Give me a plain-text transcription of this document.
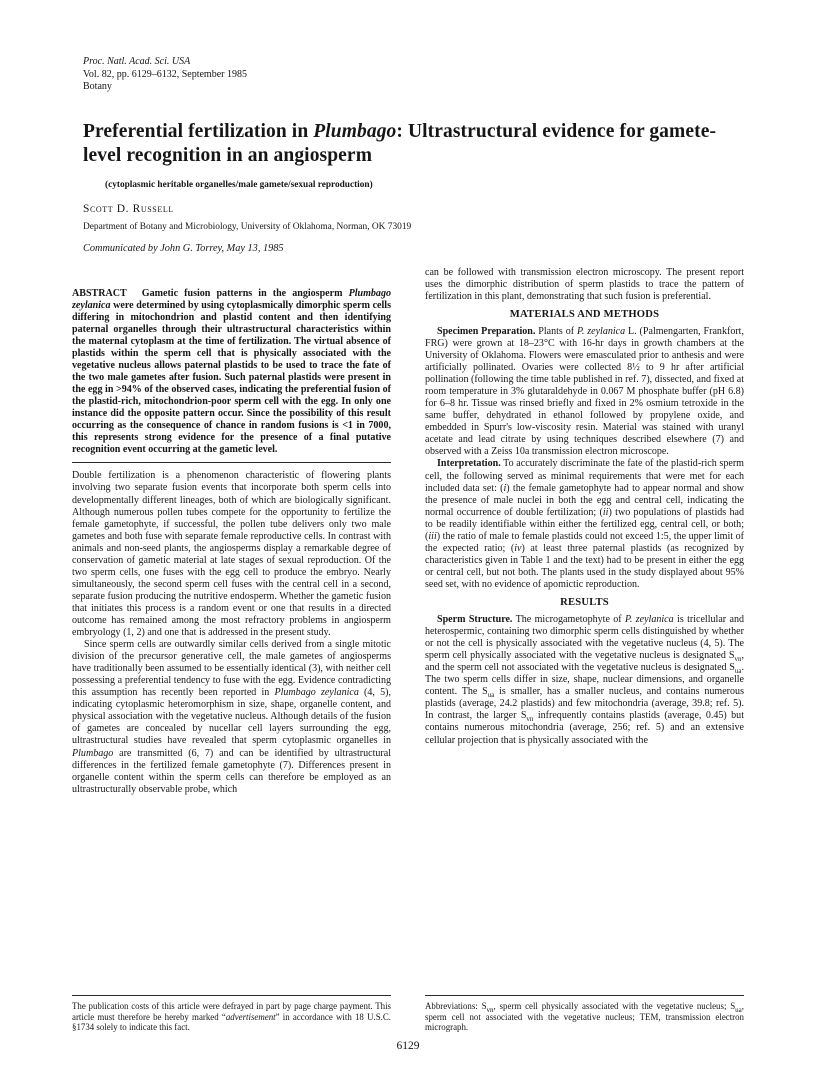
Proc. Natl. Acad. Sci. USA
Vol. 82, pp. 6129–6132, September 1985
Botany
Preferential fertilization in Plumbago: Ultrastructural evidence for gamete-level recognition in an angiosperm
(cytoplasmic heritable organelles/male gamete/sexual reproduction)
Scott D. Russell
Department of Botany and Microbiology, University of Oklahoma, Norman, OK 73019
Communicated by John G. Torrey, May 13, 1985

ABSTRACT  Gametic fusion patterns in the angiosperm Plumbago zeylanica were determined by using cytoplasmically dimorphic sperm cells differing in mitochondrion and plastid content and then identifying paternal organelles through their ultrastructural characteristics within the maternal cytoplasm at the time of fertilization. The virtual absence of plastids within the sperm cell that is physically associated with the vegetative nucleus allows paternal plastids to be used to trace the fate of the two male gametes after fusion. Such paternal plastids were present in the egg in >94% of the observed cases, indicating the preferential fusion of the plastid-rich, mitochondrion-poor sperm cell with the egg. In only one instance did the opposite pattern occur. Since the possibility of this result occurring as the consequence of chance in random fusions is <1 in 7000, this represents strong evidence for the presence of a final putative recognition event occurring at the gametic level.

Double fertilization is a phenomenon characteristic of flowering plants involving two separate fusion events that incorporate both sperm cells into developmentally different lineages, both of which are biologically significant. Although numerous pollen tubes compete for the opportunity to fertilize the female gametophyte, if successful, the pollen tube delivers only two male gametes and both fuse with separate female reproductive cells. In contrast with animals and non-seed plants, the angiosperms display a remarkable degree of conservation of gametic material at late stages of sexual reproduction. Of the two sperm cells, one fuses with the egg cell to produce the embryo. Nearly simultaneously, the second sperm cell fuses with the central cell in a second, separate fusion producing the nutritive endosperm. Whether the gametic fusion that initiates this process is a random event or one that results in a directed outcome has remained among the most refractory problems in angiosperm embryology (1, 2) and one that is addressed in the present study.

Since sperm cells are outwardly similar cells derived from a single mitotic division of the precursor generative cell, the male gametes of angiosperms have traditionally been assumed to be essentially identical (3), with neither cell possessing a preferential tendency to fuse with the egg. Evidence contradicting this assumption has recently been reported in Plumbago zeylanica (4, 5), indicating cytoplasmic heteromorphism in size, shape, organelle content, and physical association with the vegetative nucleus. Although details of the fusion of gametes are concealed by nucellar cell layers surrounding the egg, ultrastructural studies have revealed that sperm cytoplasmic organelles in Plumbago are transmitted (6, 7) and can be identified by ultrastructural differences in the fertilized female gametophyte (7). Differences present in organelle content within the sperm cells can therefore be employed as an ultrastructurally observable probe, which

The publication costs of this article were defrayed in part by page charge payment. This article must therefore be hereby marked “advertisement” in accordance with 18 U.S.C. §1734 solely to indicate this fact.

can be followed with transmission electron microscopy. The present report uses the dimorphic distribution of sperm plastids to trace the pattern of fertilization in this plant, demonstrating that such fusion is preferential.

MATERIALS AND METHODS

Specimen Preparation. Plants of P. zeylanica L. (Palmengarten, Frankfort, FRG) were grown at 18–23°C with 16-hr days in growth chambers at the University of Oklahoma. Flowers were emasculated prior to anthesis and were artificially pollinated. Ovaries were collected 8½ to 9 hr after artificial pollination (following the time table published in ref. 7), dissected, and fixed at room temperature in 3% glutaraldehyde in 0.067 M phosphate buffer (pH 6.8) for 6–8 hr. Tissue was rinsed briefly and fixed in 2% osmium tetroxide in the same buffer, dehydrated in ethanol followed by propylene oxide, and embedded in Spurr's low-viscosity resin. Material was stained with uranyl acetate and lead citrate by using techniques described elsewhere (7) and observed with a Zeiss 10a transmission electron microscope.

Interpretation. To accurately discriminate the fate of the plastid-rich sperm cell, the following served as minimal requirements that were met for each included data set: (i) the female gametophyte had to appear normal and show the presence of male nuclei in both the egg and central cell, indicating the normal occurrence of double fertilization; (ii) two populations of plastids had to be readily identifiable within either the fertilized egg, central cell, or both; (iii) the ratio of male to female plastids could not exceed 1:5, the upper limit of the expected ratio; (iv) at least three paternal plastids (as recognized by characteristics given in Table 1 and the text) had to be present in either the egg or central cell, but not both. The plants used in the study displayed about 95% seed set, with no evidence of apomictic reproduction.

RESULTS

Sperm Structure. The microgametophyte of P. zeylanica is tricellular and heterospermic, containing two dimorphic sperm cells distinguished by whether or not the cell is physically associated with the vegetative nucleus (4, 5). The sperm cell physically associated with the vegetative nucleus is designated $S_{vn}$, and the sperm cell not associated with the vegetative nucleus is designated $S_{ua}$. The two sperm cells differ in size, shape, nuclear dimensions, and organelle content. The $S_{ua}$ is smaller, has a smaller nucleus, and contains numerous plastids (average, 24.2 plastids) and few mitochondria (average, 39.8; ref. 5). In contrast, the larger $S_{vn}$ infrequently contains plastids (average, 0.45) but contains numerous mitochondria (average, 256; ref. 5) and an extensive cellular projection that is physically associated with the

Abbreviations: $S_{vn}$, sperm cell physically associated with the vegetative nucleus; $S_{ua}$, sperm cell not associated with the vegetative nucleus; TEM, transmission electron micrograph.

6129
